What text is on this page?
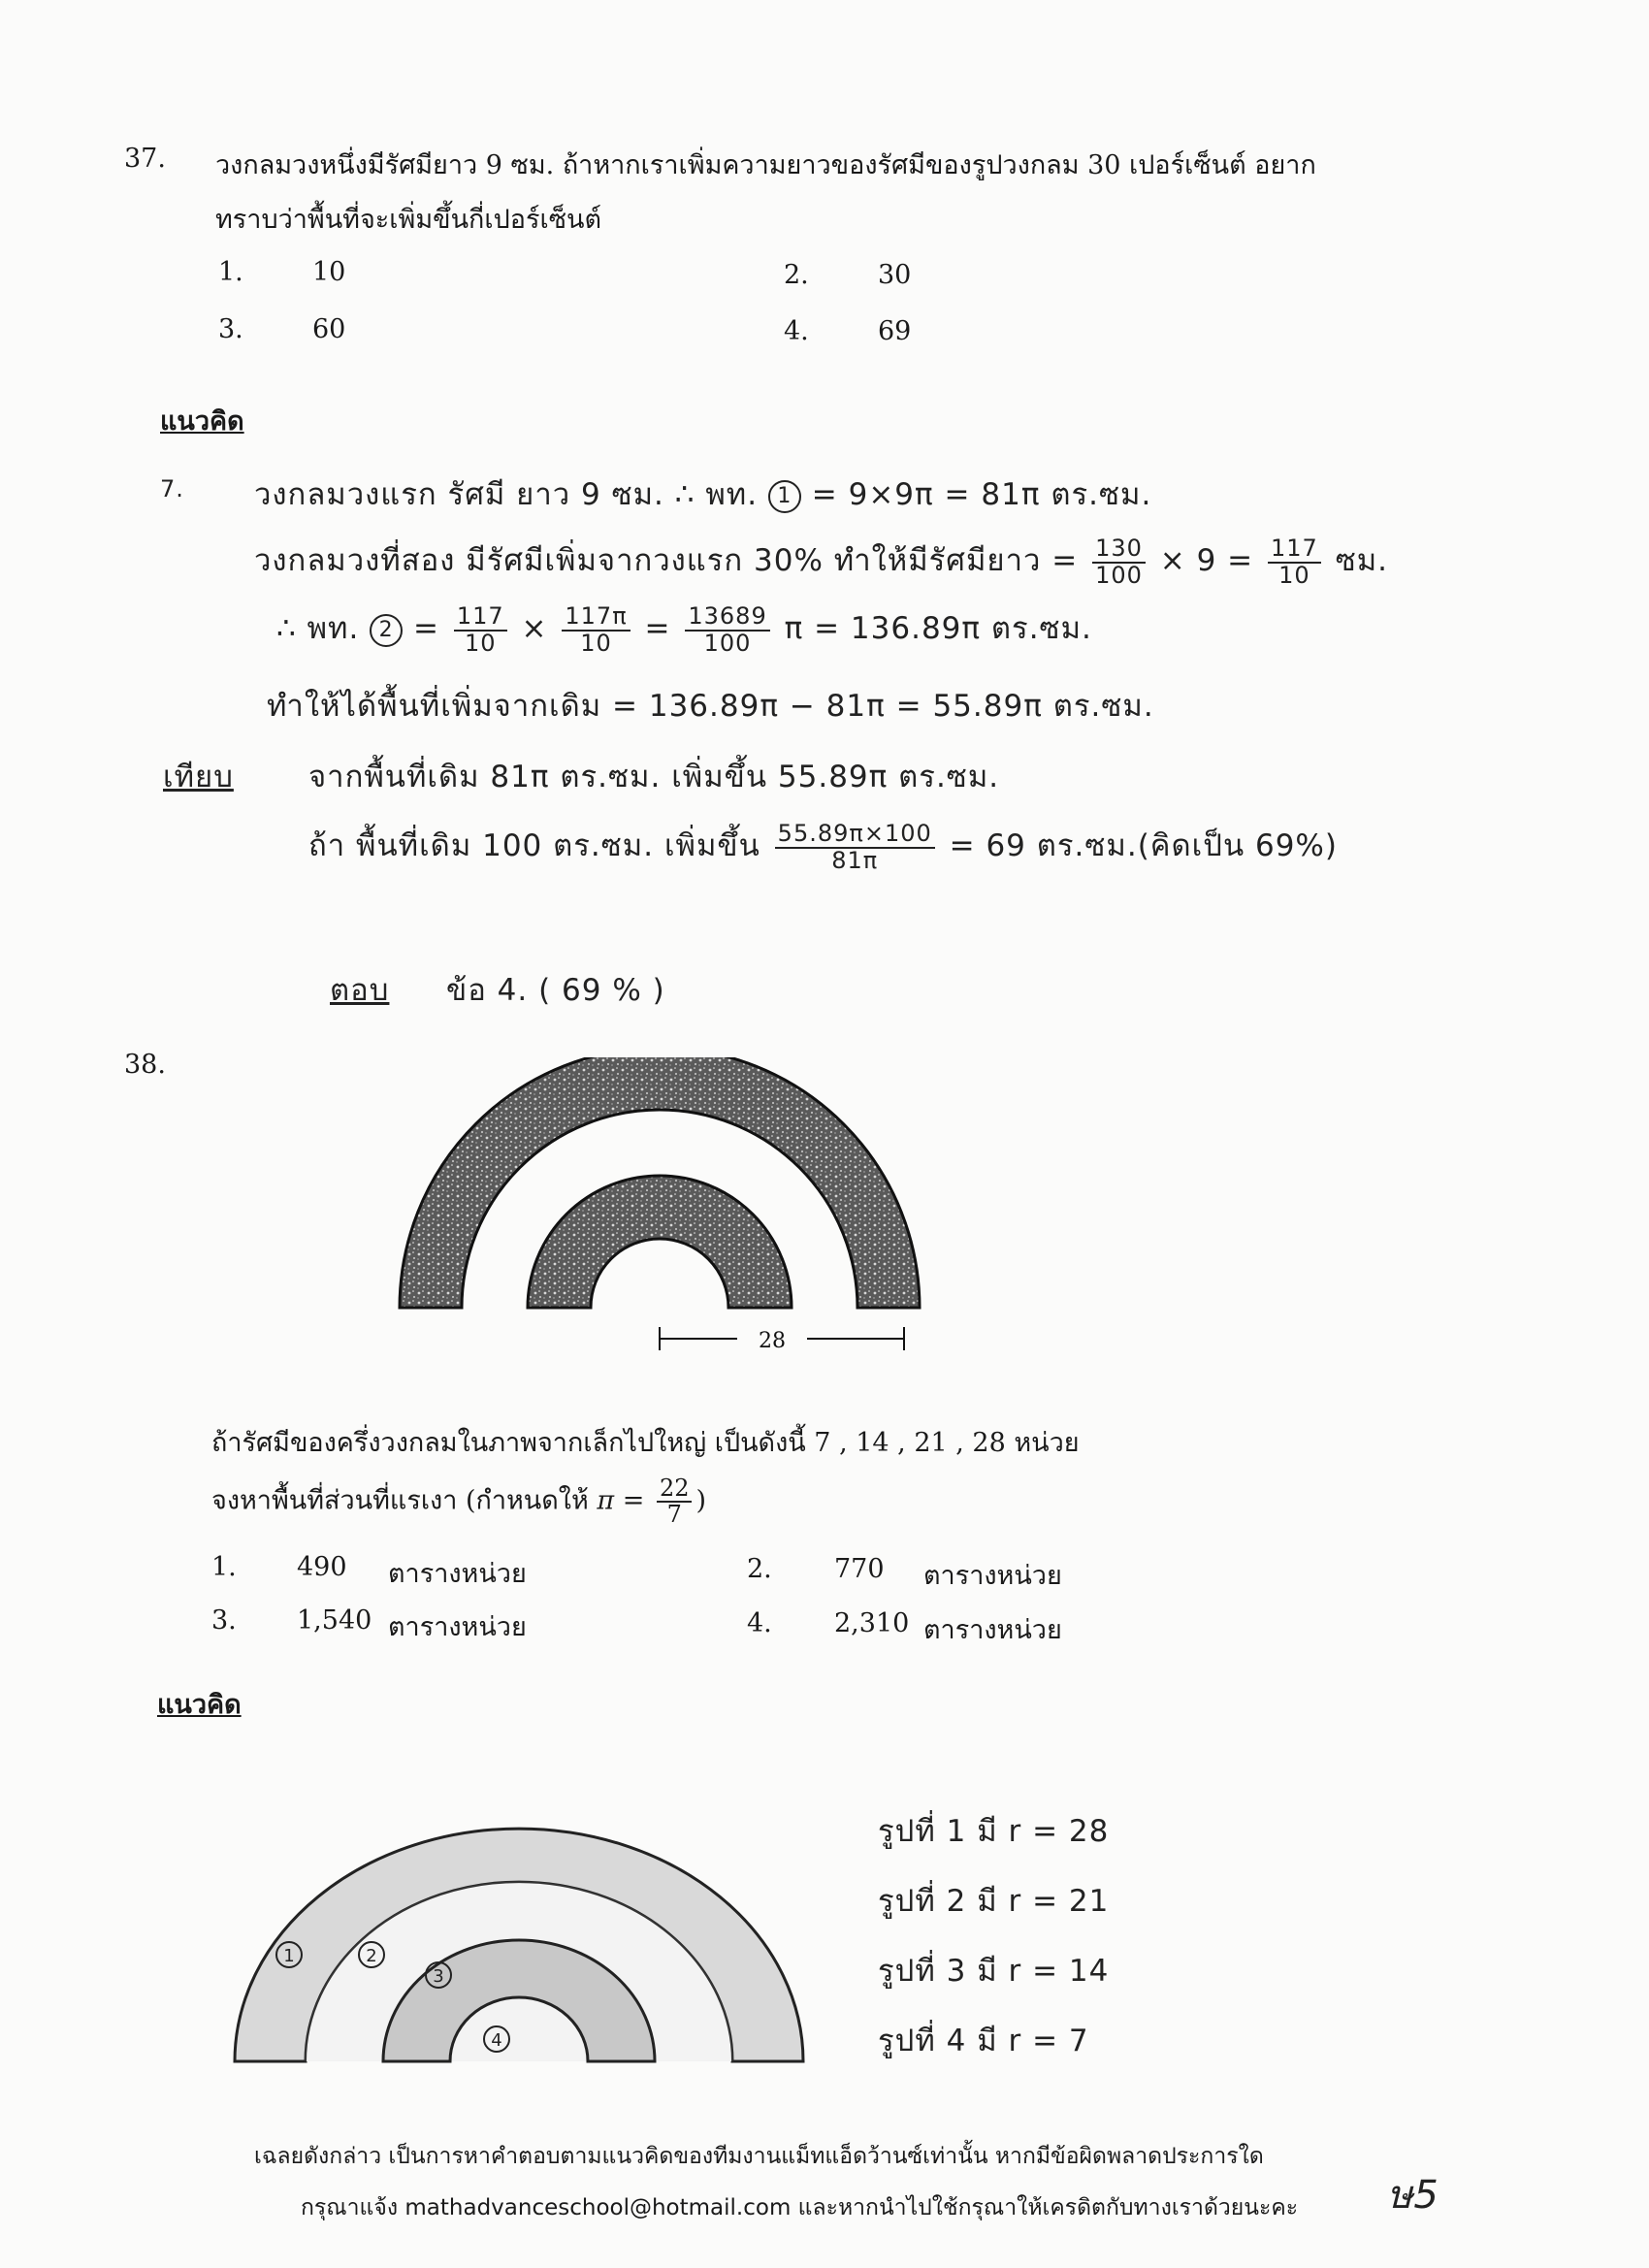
37. วงกลมวงหนึ่งมีรัศมียาว 9 ซม. ถ้าหากเราเพิ่มความยาวของรัศมีของรูปวงกลม 30 เปอร์เซ็นต์ อยาก
ทราบว่าพื้นที่จะเพิ่มขึ้นกี่เปอร์เซ็นต์
1.	10	2.	30
3.	60	4.	69
แนวคิด
7. วงกลมวงแรก รัศมี ยาว 9 ซม. ∴ พท. 1 = 9×9π = 81π ตร.ซม.
วงกลมวงที่สอง มีรัศมีเพิ่มจากวงแรก 30% ทำให้มีรัศมียาว = $\frac{130}{100} \times 9 = \frac{117}{10}$ ซม.
∴ พท. $2 = \frac{117}{10} \times \frac{117\pi}{10} = \frac{13689}{100}$ π = 136.89π ตร.ซม.
ทำให้ได้พื้นที่เพิ่มจากเดิม = 136.89π − 81π = 55.89π ตร.ซม.
เทียบ จากพื้นที่เดิม 81π ตร.ซม. เพิ่มขึ้น 55.89π ตร.ซม.
ถ้า พื้นที่เดิม 100 ตร.ซม. เพิ่มขึ้น $\frac{55.89\pi\times 100}{81\pi} = 69$ ตร.ซม.(คิดเป็น 69%)
ตอบ ข้อ 4. ( 69 % )
38.
28
ถ้ารัศมีของครึ่งวงกลมในภาพจากเล็กไปใหญ่ เป็นดังนี้ 7 , 14 , 21 , 28 หน่วย
จงหาพื้นที่ส่วนที่แรเงา (กำหนดให้ $\pi = \frac{22}{7}$ )
1. 490 ตารางหน่วย	2. 770 ตารางหน่วย
3. 1,540 ตารางหน่วย	4. 2,310 ตารางหน่วย
แนวคิด
1	2
3
4
รูปที่ 1 มี r = 28
รูปที่ 2 มี r = 21
รูปที่ 3 มี r = 14
รูปที่ 4 มี r = 7
เฉลยดังกล่าว เป็นการหาคำตอบตามแนวคิดของทีมงานแม็ทแอ็ดว้านซ์เท่านั้น หากมีข้อผิดพลาดประการใด
กรุณาแจ้ง mathadvanceschool@hotmail.com และหากนำไปใช้กรุณาให้เครดิตกับทางเราด้วยนะคะ ษ5
